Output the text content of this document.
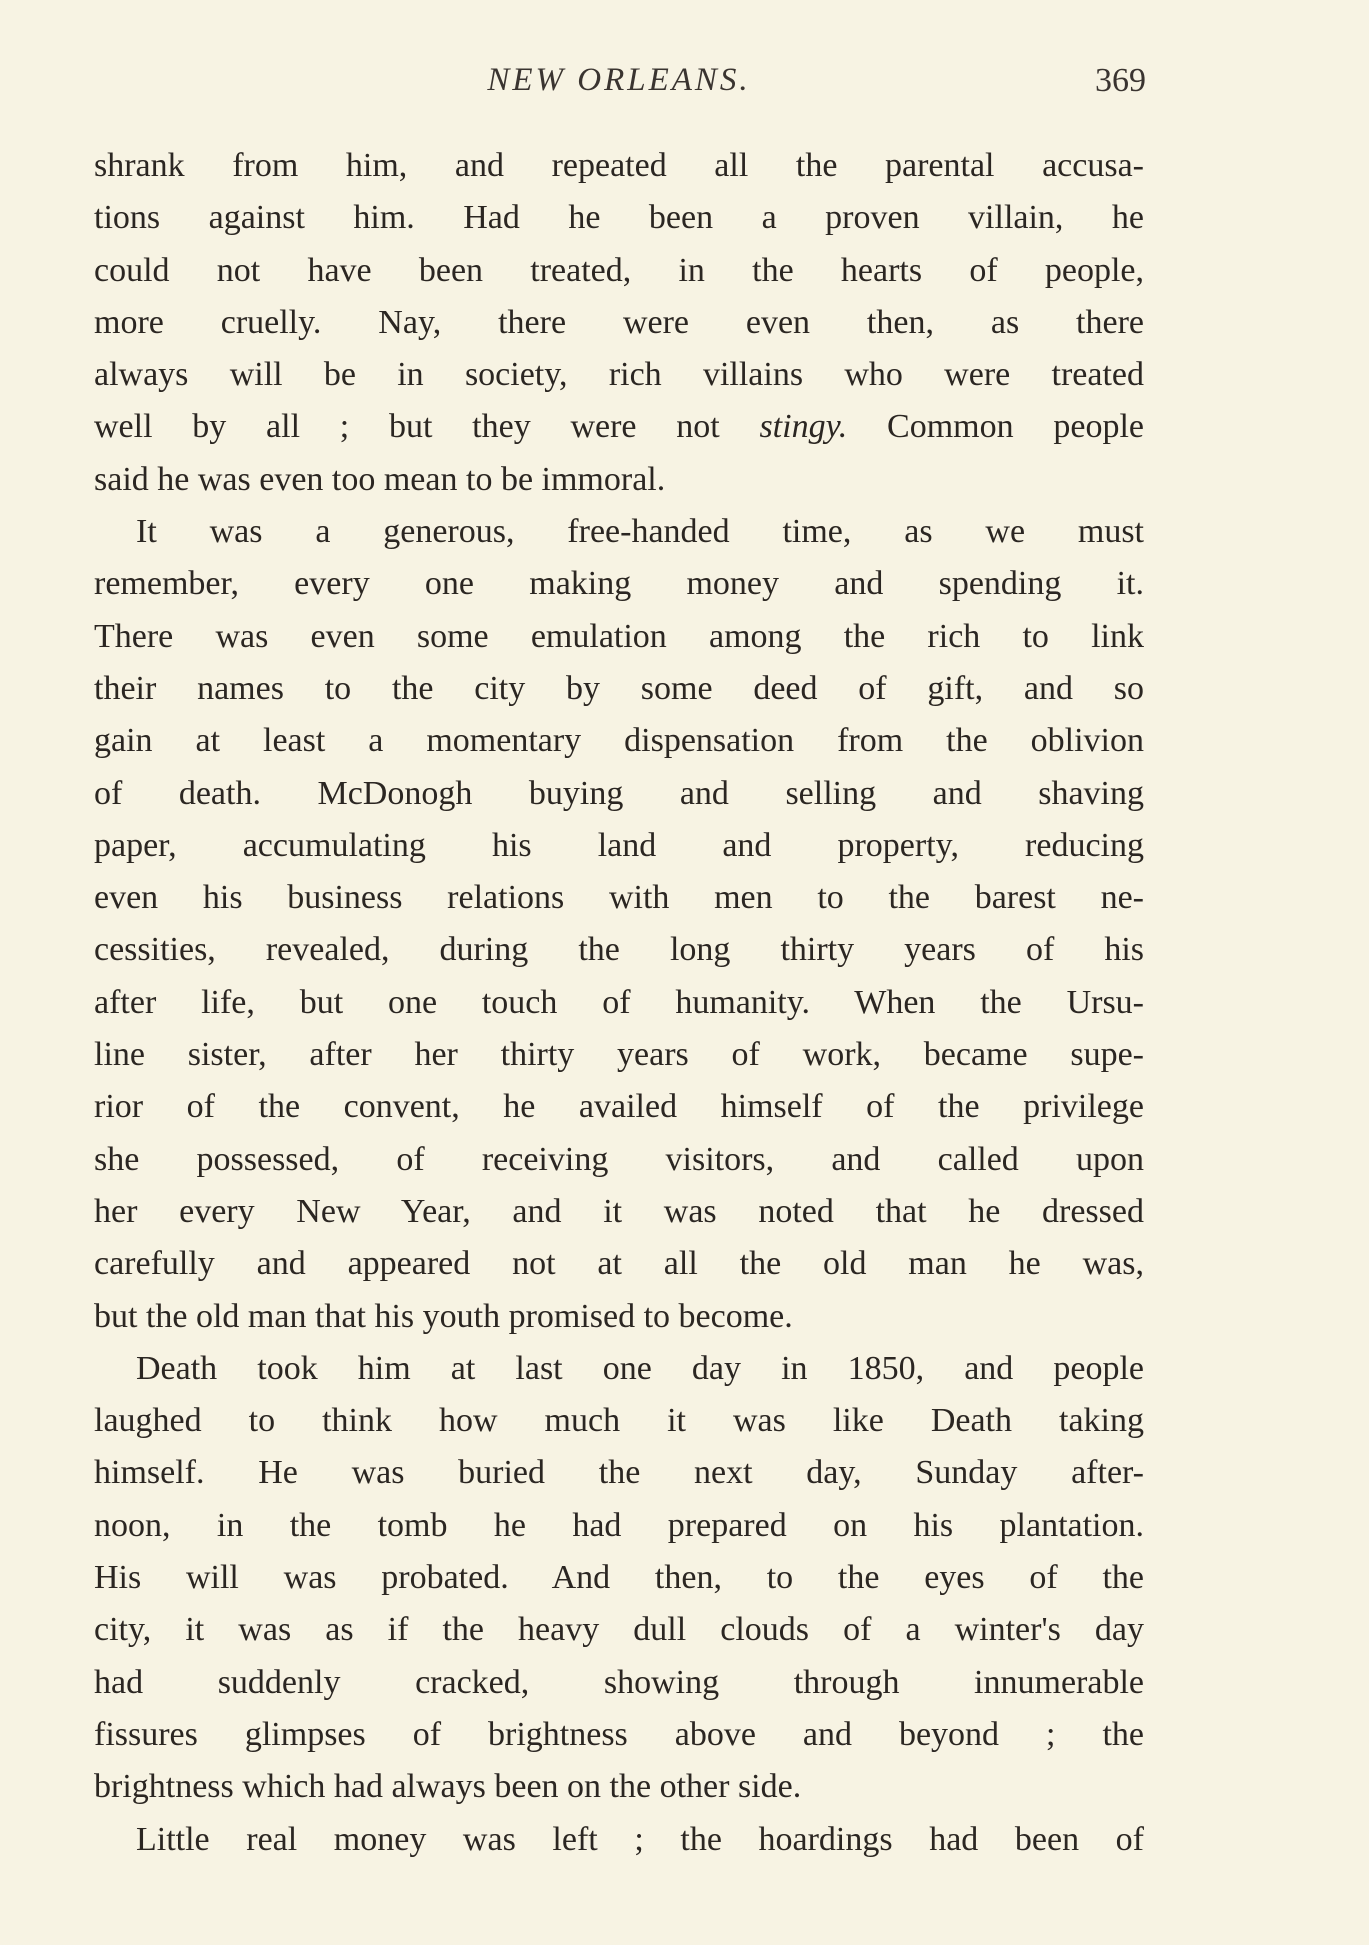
NEW ORLEANS.	369
shrank from him, and repeated all the parental accusa-
tions against him. Had he been a proven villain, he
could not have been treated, in the hearts of people,
more cruelly. Nay, there were even then, as there
always will be in society, rich villains who were treated
well by all ; but they were not stingy. Common people
said he was even too mean to be immoral.
It was a generous, free-handed time, as we must
remember, every one making money and spending it.
There was even some emulation among the rich to link
their names to the city by some deed of gift, and so
gain at least a momentary dispensation from the oblivion
of death. McDonogh buying and selling and shaving
paper, accumulating his land and property, reducing
even his business relations with men to the barest ne-
cessities, revealed, during the long thirty years of his
after life, but one touch of humanity. When the Ursu-
line sister, after her thirty years of work, became supe-
rior of the convent, he availed himself of the privilege
she possessed, of receiving visitors, and called upon
her every New Year, and it was noted that he dressed
carefully and appeared not at all the old man he was,
but the old man that his youth promised to become.
Death took him at last one day in 1850, and people
laughed to think how much it was like Death taking
himself. He was buried the next day, Sunday after-
noon, in the tomb he had prepared on his plantation.
His will was probated. And then, to the eyes of the
city, it was as if the heavy dull clouds of a winter's day
had suddenly cracked, showing through innumerable
fissures glimpses of brightness above and beyond ; the
brightness which had always been on the other side.
Little real money was left ; the hoardings had been of
